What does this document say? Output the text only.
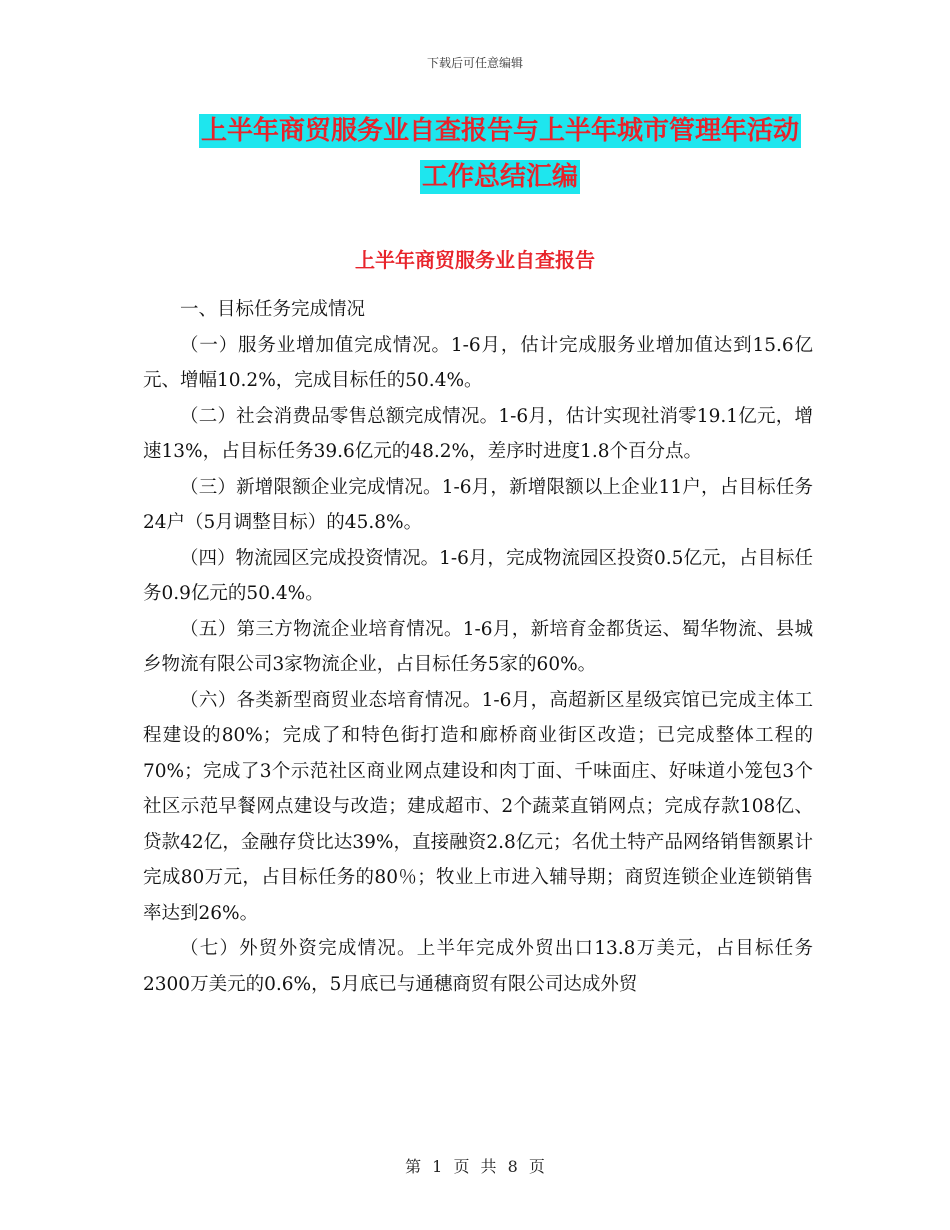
下载后可任意编辑
上半年商贸服务业自查报告与上半年城市管理年活动
工作总结汇编
上半年商贸服务业自查报告

一、目标任务完成情况

（一）服务业增加值完成情况。1-6月，估计完成服务业增加值达到15.6亿元、增幅10.2%，完成目标任的50.4%。

（二）社会消费品零售总额完成情况。1-6月，估计实现社消零19.1亿元，增速13%，占目标任务39.6亿元的48.2%，差序时进度1.8个百分点。

（三）新增限额企业完成情况。1-6月，新增限额以上企业11户，占目标任务24户（5月调整目标）的45.8%。

（四）物流园区完成投资情况。1-6月，完成物流园区投资0.5亿元，占目标任务0.9亿元的50.4%。

（五）第三方物流企业培育情况。1-6月，新培育金都货运、蜀华物流、县城乡物流有限公司3家物流企业，占目标任务5家的60%。

（六）各类新型商贸业态培育情况。1-6月，高超新区星级宾馆已完成主体工程建设的80%；完成了和特色街打造和廊桥商业街区改造；已完成整体工程的70%；完成了3个示范社区商业网点建设和肉丁面、千味面庄、好味道小笼包3个社区示范早餐网点建设与改造；建成超市、2个蔬菜直销网点；完成存款108亿、贷款42亿，金融存贷比达39%，直接融资2.8亿元；名优土特产品网络销售额累计完成80万元，占目标任务的80％；牧业上市进入辅导期；商贸连锁企业连锁销售率达到26%。

（七）外贸外资完成情况。上半年完成外贸出口13.8万美元，占目标任务2300万美元的0.6%，5月底已与通穗商贸有限公司达成外贸

第 1 页 共 8 页
